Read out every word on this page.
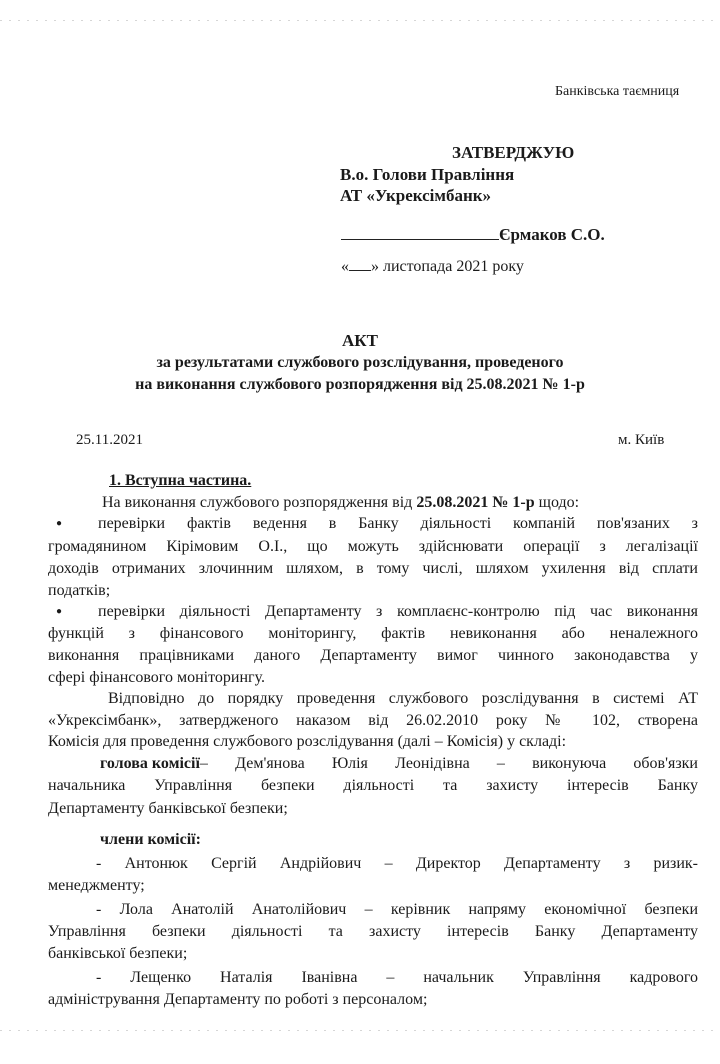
Банківська таємниця
ЗАТВЕРДЖУЮ
В.о. Голови Правління
АТ «Укрексімбанк»
Єрмаков С.О.
« » листопада 2021 року
АКТ
за результатами службового розслідування, проведеного
на виконання службового розпорядження від 25.08.2021 № 1-р
25.11.2021	м. Київ
1. Вступна частина.
На виконання службового розпорядження від 25.08.2021 № 1-р щодо:
● перевірки фактів ведення в Банку діяльності компаній пов'язаних з
громадянином Кірімовим О.І., що можуть здійснювати операції з легалізації
доходів отриманих злочинним шляхом, в тому числі, шляхом ухилення від сплати
податків;
● перевірки діяльності Департаменту з комплаєнс-контролю під час виконання
функцій з фінансового моніторингу, фактів невиконання або неналежного
виконання працівниками даного Департаменту вимог чинного законодавства у
сфері фінансового моніторингу.
Відповідно до порядку проведення службового розслідування в системі АТ
«Укрексімбанк», затвердженого наказом від 26.02.2010 року № 102, створена
Комісія для проведення службового розслідування (далі – Комісія) у складі:
голова комісії – Дем'янова Юлія Леонідівна – виконуюча обов'язки
начальника Управління безпеки діяльності та захисту інтересів Банку
Департаменту банківської безпеки;
члени комісії:
- Антонюк Сергій Андрійович – Директор Департаменту з ризик-
менеджменту;
- Лола Анатолій Анатолійович – керівник напряму економічної безпеки
Управління безпеки діяльності та захисту інтересів Банку Департаменту
банківської безпеки;
- Лещенко Наталія Іванівна – начальник Управління кадрового
адміністрування Департаменту по роботі з персоналом;
